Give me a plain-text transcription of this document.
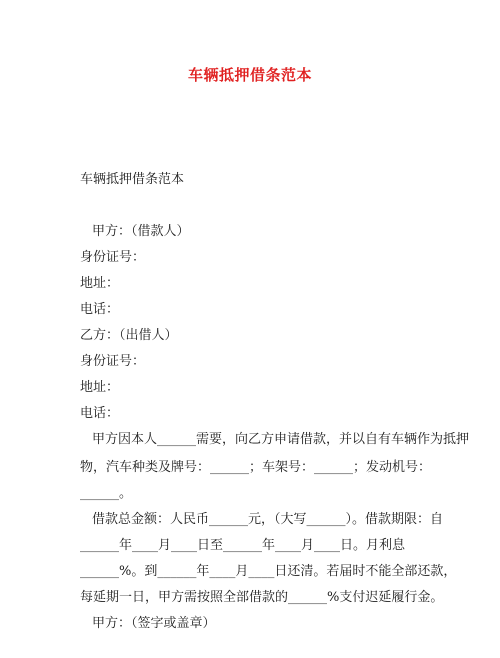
车辆抵押借条范本
车辆抵押借条范本
甲方：（借款人）
身份证号：
地址：
电话：
乙方：（出借人）
身份证号：
地址：
电话：
甲方因本人______需要，向乙方申请借款，并以自有车辆作为抵押
物，汽车种类及牌号：______；车架号：______；发动机号：
______。
借款总金额：人民币______元，（大写______）。借款期限：自
______年____月____日至______年____月____日。月利息
______%。到______年____月____日还清。若届时不能全部还款，
每延期一日，甲方需按照全部借款的______%支付迟延履行金。
甲方：（签字或盖章）
